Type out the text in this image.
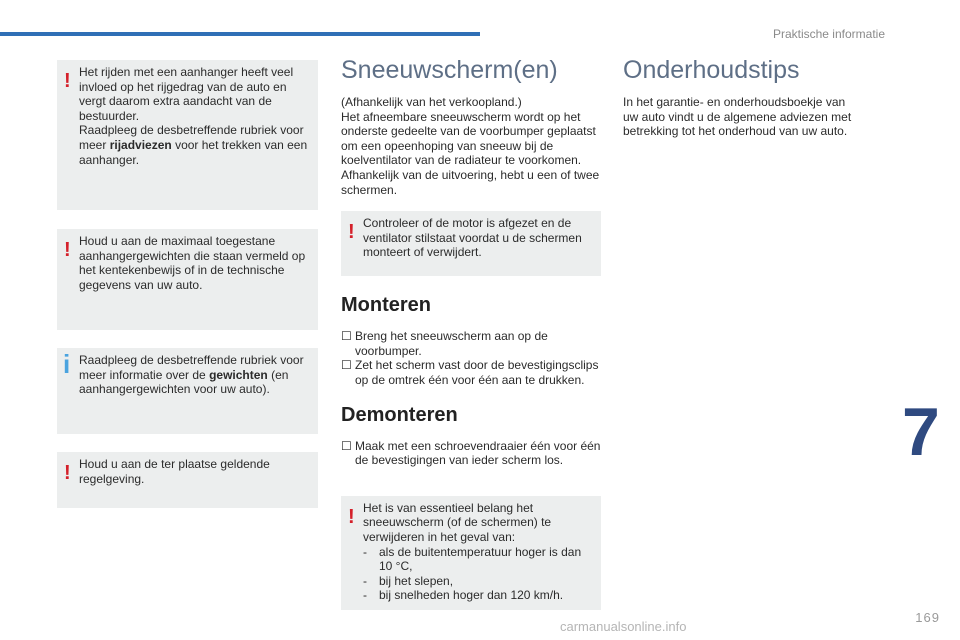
Praktische informatie
! Het rijden met een aanhanger heeft veel invloed op het rijgedrag van de auto en vergt daarom extra aandacht van de bestuurder.
Raadpleeg de desbetreffende rubriek voor meer rijadviezen voor het trekken van een aanhanger.
! Houd u aan de maximaal toegestane aanhangergewichten die staan vermeld op het kentekenbewijs of in de technische gegevens van uw auto.
i Raadpleeg de desbetreffende rubriek voor meer informatie over de gewichten (en aanhangergewichten voor uw auto).
! Houd u aan de ter plaatse geldende regelgeving.
Sneeuwscherm(en)

(Afhankelijk van het verkoopland.)

Het afneembare sneeuwscherm wordt op het onderste gedeelte van de voorbumper geplaatst om een opeenhoping van sneeuw bij de koelventilator van de radiateur te voorkomen.

Afhankelijk van de uitvoering, hebt u een of twee schermen.

! Controleer of de motor is afgezet en de ventilator stilstaat voordat u de schermen monteert of verwijdert.
Monteren
☐ Breng het sneeuwscherm aan op de voorbumper.
☐ Zet het scherm vast door de bevestigingsclips op de omtrek één voor één aan te drukken.
Demonteren
☐ Maak met een schroevendraaier één voor één de bevestigingen van ieder scherm los.
! Het is van essentieel belang het sneeuwscherm (of de schermen) te verwijderen in het geval van:
- als de buitentemperatuur hoger is dan 10 °C,
- bij het slepen,
- bij snelheden hoger dan 120 km/h.
Onderhoudstips

In het garantie- en onderhoudsboekje van uw auto vindt u de algemene adviezen met betrekking tot het onderhoud van uw auto.

7
169
carmanualsonline.info
